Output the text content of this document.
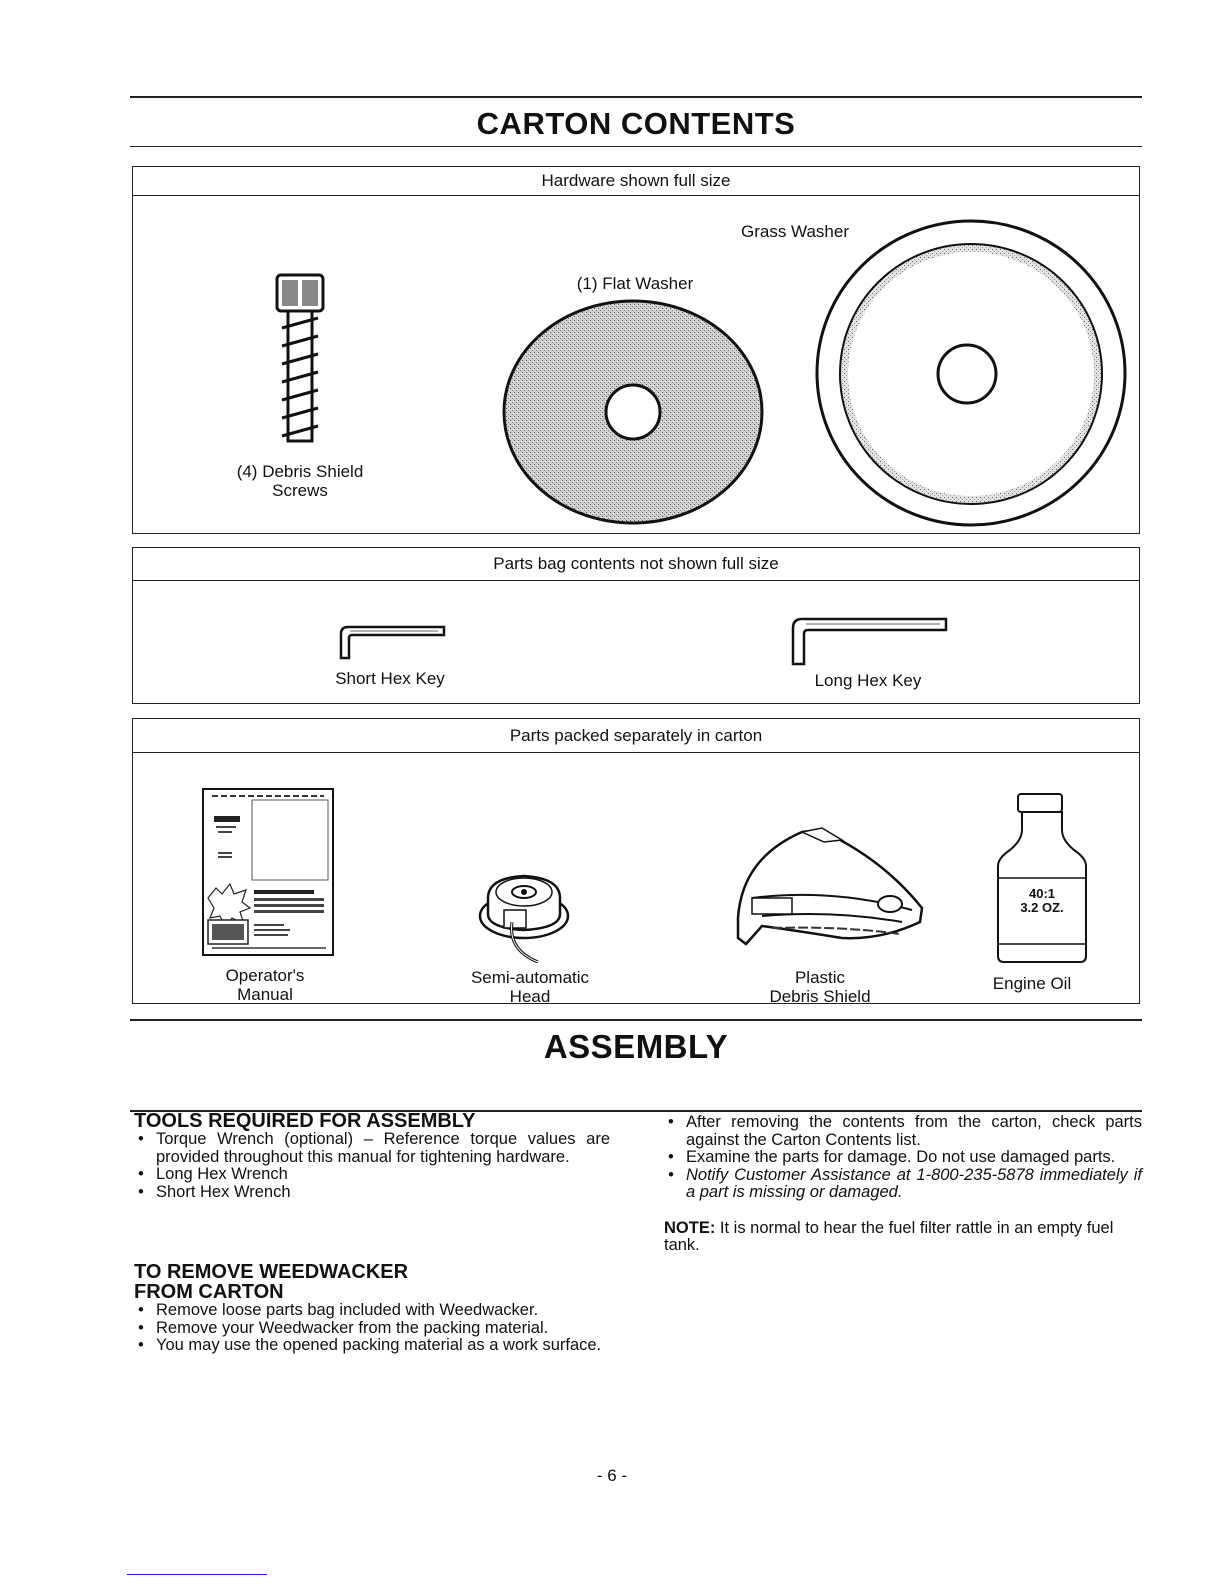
CARTON CONTENTS
Hardware shown full size
(4) Debris Shield
Screws
(1) Flat Washer
Grass Washer
Parts bag contents not shown full size
Short Hex Key	Long Hex Key
Parts packed separately in carton
Operator's
Manual
Semi-automatic
Head
Plastic
Debris Shield
40:1
3.2 OZ.
Engine Oil
ASSEMBLY
TOOLS REQUIRED FOR ASSEMBLY
• Torque Wrench (optional) – Reference torque values are provided throughout this manual for tightening hardware.
• Long Hex Wrench
• Short Hex Wrench
TO REMOVE WEEDWACKER
FROM CARTON
• Remove loose parts bag included with Weedwacker.
• Remove your Weedwacker from the packing material.
• You may use the opened packing material as a work surface.
• After removing the contents from the carton, check parts against the Carton Contents list.
• Examine the parts for damage. Do not use damaged parts.
• Notify Customer Assistance at 1-800-235-5878 immediately if a part is missing or damaged.

NOTE: It is normal to hear the fuel filter rattle in an empty fuel tank.

- 6 -
